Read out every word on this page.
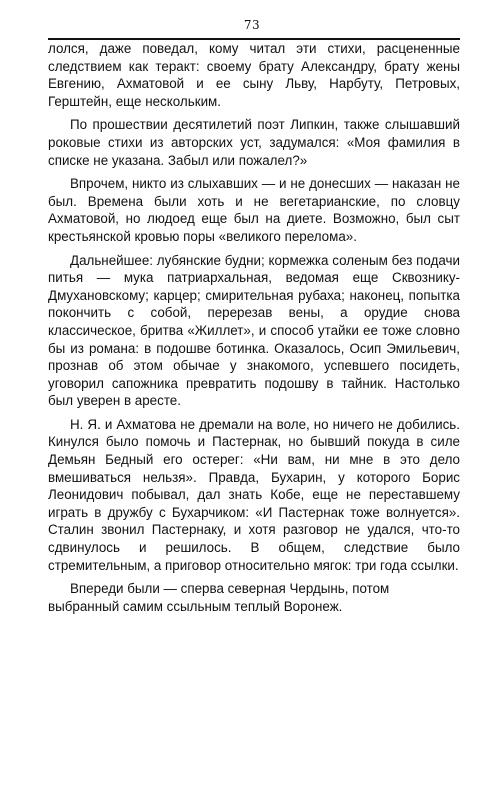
73

лолся, даже поведал, кому читал эти стихи, расцененные следствием как теракт: своему брату Александру, брату жены Евгению, Ахматовой и ее сыну Льву, Нарбуту, Петровых, Герштейн, еще нескольким.

По прошествии десятилетий поэт Липкин, также слышавший роковые стихи из авторских уст, задумался: «Моя фамилия в списке не указана. Забыл или пожалел?»

Впрочем, никто из слыхавших — и не донесших — наказан не был. Времена были хоть и не вегетарианские, по словцу Ахматовой, но людоед еще был на диете. Возможно, был сыт крестьянской кровью поры «великого перелома».

Дальнейшее: лубянские будни; кормежка соленым без подачи питья — мука патриархальная, ведомая еще Сквознику-Дмухановскому; карцер; смирительная рубаха; наконец, попытка покончить с собой, перерезав вены, а орудие снова классическое, бритва «Жиллет», и способ утайки ее тоже словно бы из романа: в подошве ботинка. Оказалось, Осип Эмильевич, прознав об этом обычае у знакомого, успевшего посидеть, уговорил сапожника превратить подошву в тайник. Настолько был уверен в аресте.

Н. Я. и Ахматова не дремали на воле, но ничего не добились. Кинулся было помочь и Пастернак, но бывший покуда в силе Демьян Бедный его остерег: «Ни вам, ни мне в это дело вмешиваться нельзя». Правда, Бухарин, у которого Борис Леонидович побывал, дал знать Кобе, еще не переставшему играть в дружбу с Бухарчиком: «И Пастернак тоже волнуется». Сталин звонил Пастернаку, и хотя разговор не удался, что-то сдвинулось и решилось. В общем, следствие было стремительным, а приговор относительно мягок: три года ссылки.

Впереди были — сперва северная Чердынь, потом выбранный самим ссыльным теплый Воронеж.
